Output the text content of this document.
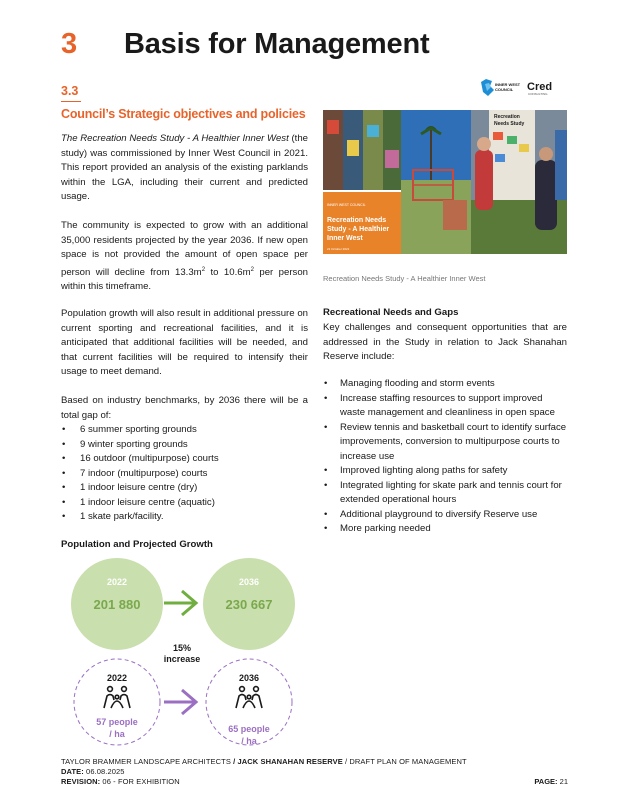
3 Basis for Management
3.3
Council’s Strategic objectives and policies
INNER WEST
COUNCIL Cred
CONSULTING
The Recreation Needs Study - A Healthier Inner West (the study) was commissioned by Inner West Council in 2021. This report provided an analysis of the existing parklands within the LGA, including their current and predicted usage.
The community is expected to grow with an additional 35,000 residents projected by the year 2036. If new open space is not provided the amount of open space per person will decline from $13.3m^2$ to $10.6m^2$ per person within this timeframe.
Population growth will also result in additional pressure on current sporting and recreational facilities, and it is anticipated that additional facilities will be needed, and that current facilities will be required to intensify their usage to meet demand.
Based on industry benchmarks, by 2036 there will be a total gap of:
• 6 summer sporting grounds
• 9 winter sporting grounds
• 16 outdoor (multipurpose) courts
• 7 indoor (multipurpose) courts
• 1 indoor leisure centre (dry)
• 1 indoor leisure centre (aquatic)
• 1 skate park/facility.
Population and Projected Growth
2022
201 880
2036
230 667
15%
increase
2022	2036
57 people
/ ha	65 people
/ ha
INNER WEST COUNCIL
Recreation Needs
Study - A Healthier
Inner West
21 October 2021
Recreation
Needs Study
Recreation Needs Study - A Healthier Inner West
Recreational Needs and Gaps
Key challenges and consequent opportunities that are addressed in the Study in relation to Jack Shanahan Reserve include:
• Managing flooding and storm events
• Increase staffing resources to support improved waste management and cleanliness in open space
• Review tennis and basketball court to identify surface improvements, conversion to multipurpose courts to increase use
• Improved lighting along paths for safety
• Integrated lighting for skate park and tennis court for extended operational hours
• Additional playground to diversify Reserve use
• More parking needed
TAYLOR BRAMMER LANDSCAPE ARCHITECTS / JACK SHANAHAN RESERVE / DRAFT PLAN OF MANAGEMENT
DATE: 06.08.2025
REVISION: 06 - FOR EXHIBITION	PAGE: 21
